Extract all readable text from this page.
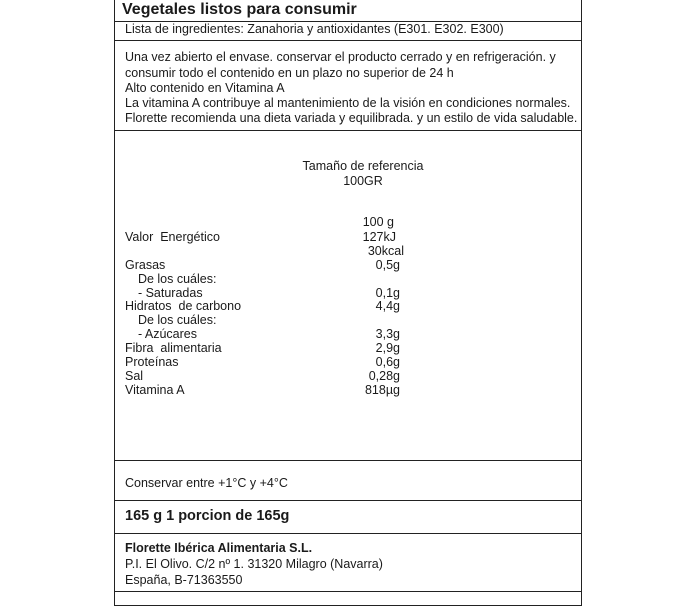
Vegetales listos para consumir
Lista de ingredientes: Zanahoria y antioxidantes (E301. E302. E300)
Una vez abierto el envase. conservar el producto cerrado y en refrigeración. y
consumir todo el contenido en un plazo no superior de 24 h
Alto contenido en Vitamina A
La vitamina A contribuye al mantenimiento de la visión en condiciones normales.
Florette recomienda una dieta variada y equilibrada. y un estilo de vida saludable.
Tamaño de referencia
100GR
100 g
Valor  Energético	127kJ
30kcal
Grasas	0,5g
De los cuáles:
- Saturadas	0,1g
Hidratos  de carbono	4,4g
De los cuáles:
- Azúcares	3,3g
Fibra  alimentaria	2,9g
Proteínas	0,6g
Sal	0,28g
Vitamina A	818µg
Conservar entre +1°C y +4°C
165 g 1 porcion de 165g
Florette Ibérica Alimentaria S.L.
P.I. El Olivo. C/2 nº 1. 31320 Milagro (Navarra)
España, B-71363550
